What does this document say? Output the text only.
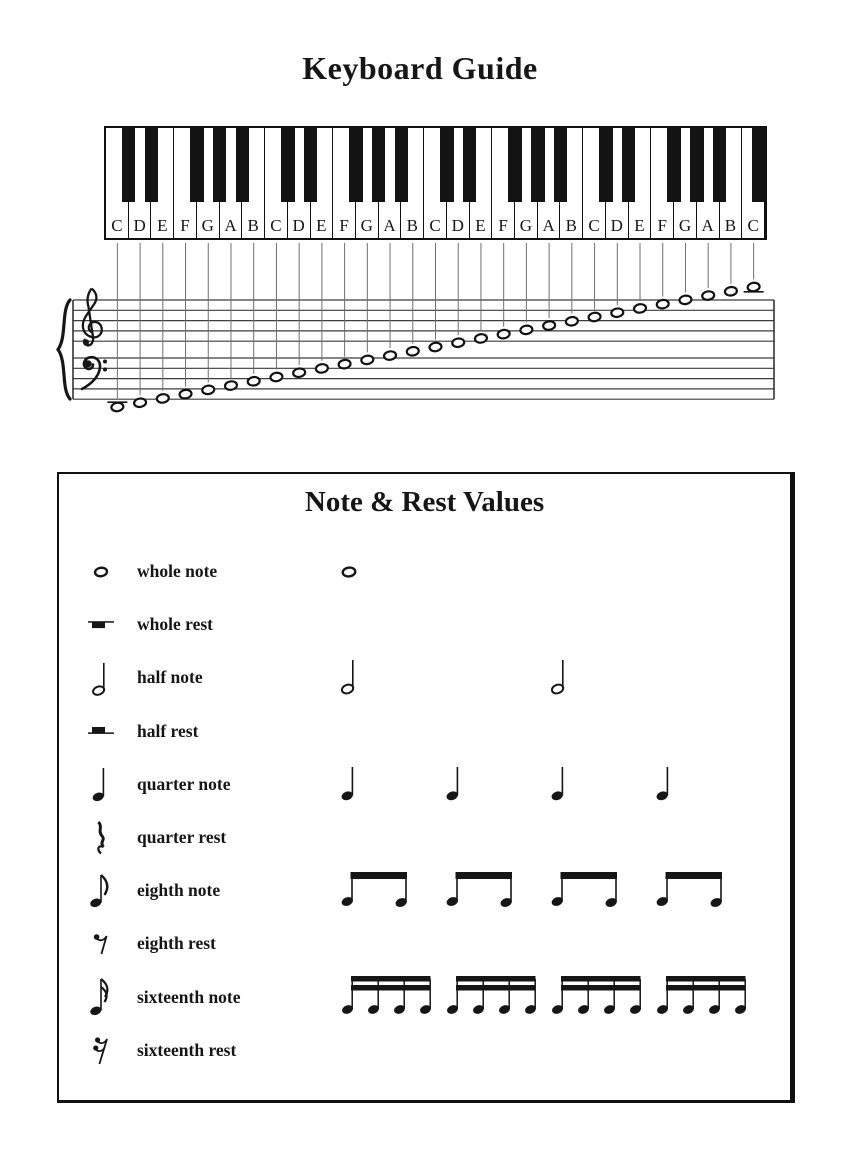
Keyboard Guide
C D E F G A B C D E F G A B C D E F G A B C D E F G A B C
Note & Rest Values
whole note
whole rest
half note
half rest
quarter note
quarter rest
eighth note
eighth rest
sixteenth note
sixteenth rest
